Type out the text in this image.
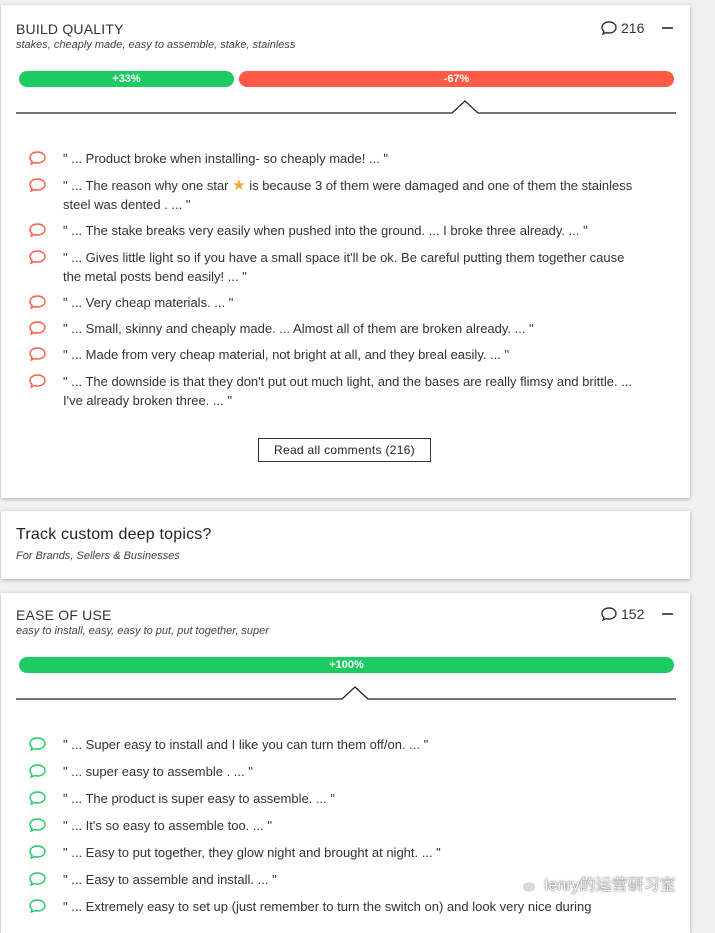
BUILD QUALITY
stakes, cheaply made, easy to assemble, stake, stainless
216
+33%	-67%
" ... Product broke when installing- so cheaply made! ... "
" ... The reason why one star ★ is because 3 of them were damaged and one of them the stainless steel was dented . ... "
" ... The stake breaks very easily when pushed into the ground. ... I broke three already. ... "
" ... Gives little light so if you have a small space it'll be ok. Be careful putting them together cause the metal posts bend easily! ... "
" ... Very cheap materials. ... "
" ... Small, skinny and cheaply made. ... Almost all of them are broken already. ... "
" ... Made from very cheap material, not bright at all, and they breal easily. ... "
" ... The downside is that they don't put out much light, and the bases are really flimsy and brittle. ... I've already broken three. ... "
Read all comments (216)
Track custom deep topics?
For Brands, Sellers & Businesses
EASE OF USE
easy to install, easy, easy to put, put together, super
152
+100%
" ... Super easy to install and I like you can turn them off/on. ... "
" ... super easy to assemble . ... "
" ... The product is super easy to assemble. ... "
" ... It's so easy to assemble too. ... "
" ... Easy to put together, they glow night and brought at night. ... "
" ... Easy to assemble and install. ... "
" ... Extremely easy to set up (just remember to turn the switch on) and look very nice during
Ienry的运营研习室
